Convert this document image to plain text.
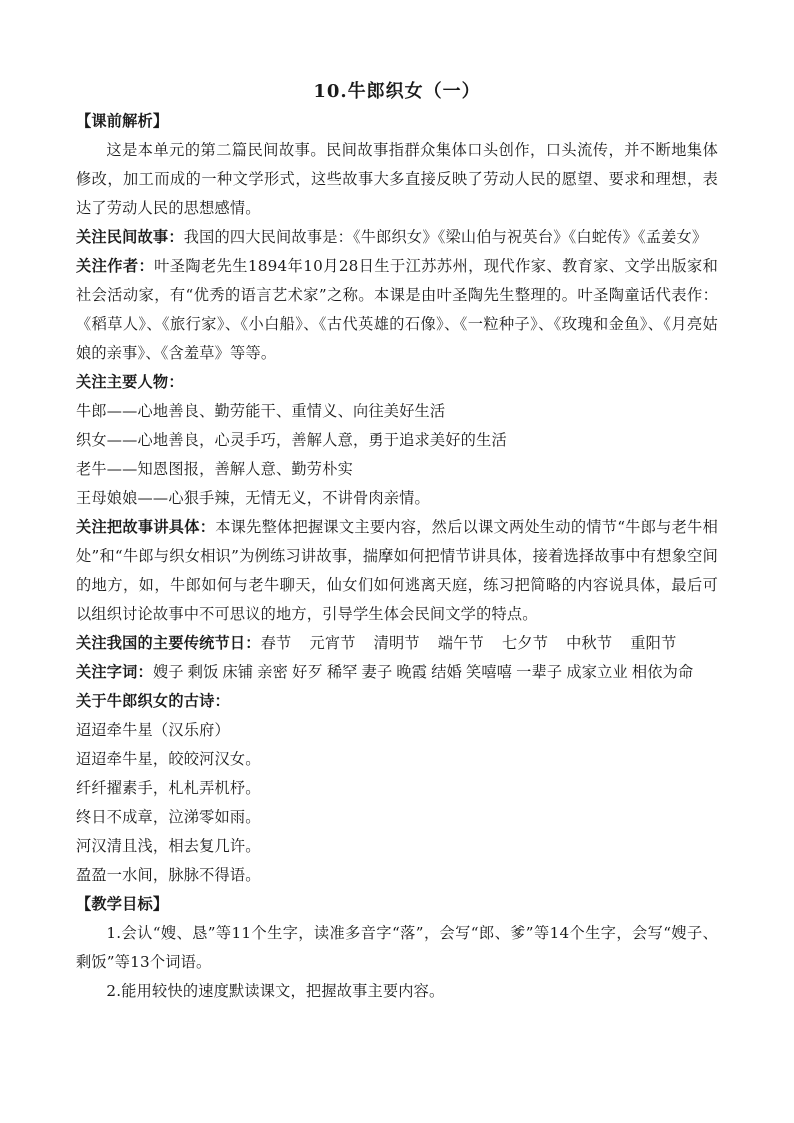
10.牛郎织女（一）
【课前解析】

这是本单元的第二篇民间故事。民间故事指群众集体口头创作，口头流传，并不断地集体修改，加工而成的一种文学形式，这些故事大多直接反映了劳动人民的愿望、要求和理想，表达了劳动人民的思想感情。

关注民间故事：我国的四大民间故事是：《牛郎织女》《梁山伯与祝英台》《白蛇传》《孟姜女》

关注作者：叶圣陶老先生1894年10月28日生于江苏苏州，现代作家、教育家、文学出版家和社会活动家，有“优秀的语言艺术家”之称。本课是由叶圣陶先生整理的。叶圣陶童话代表作：《稻草人》、《旅行家》、《小白船》、《古代英雄的石像》、《一粒种子》、《玫瑰和金鱼》、《月亮姑娘的亲事》、《含羞草》等等。

关注主要人物：

牛郎——心地善良、勤劳能干、重情义、向往美好生活

织女——心地善良，心灵手巧，善解人意，勇于追求美好的生活

老牛——知恩图报，善解人意、勤劳朴实

王母娘娘——心狠手辣，无情无义，不讲骨肉亲情。

关注把故事讲具体：本课先整体把握课文主要内容，然后以课文两处生动的情节“牛郎与老牛相处”和“牛郎与织女相识”为例练习讲故事，揣摩如何把情节讲具体，接着选择故事中有想象空间的地方，如，牛郎如何与老牛聊天，仙女们如何逃离天庭，练习把简略的内容说具体，最后可以组织讨论故事中不可思议的地方，引导学生体会民间文学的特点。

关注我国的主要传统节日：春节 元宵节 清明节 端午节 七夕节 中秋节 重阳节

关注字词：嫂子 剩饭 床铺 亲密 好歹 稀罕 妻子 晚霞 结婚 笑嘻嘻 一辈子 成家立业 相依为命

关于牛郎织女的古诗：

迢迢牵牛星（汉乐府）

迢迢牵牛星，皎皎河汉女。

纤纤擢素手，札札弄机杼。

终日不成章，泣涕零如雨。

河汉清且浅，相去复几许。

盈盈一水间，脉脉不得语。

【教学目标】

1.会认“嫂、恳”等11个生字，读准多音字“落”，会写“郎、爹”等14个生字，会写“嫂子、剩饭”等13个词语。

2.能用较快的速度默读课文，把握故事主要内容。
